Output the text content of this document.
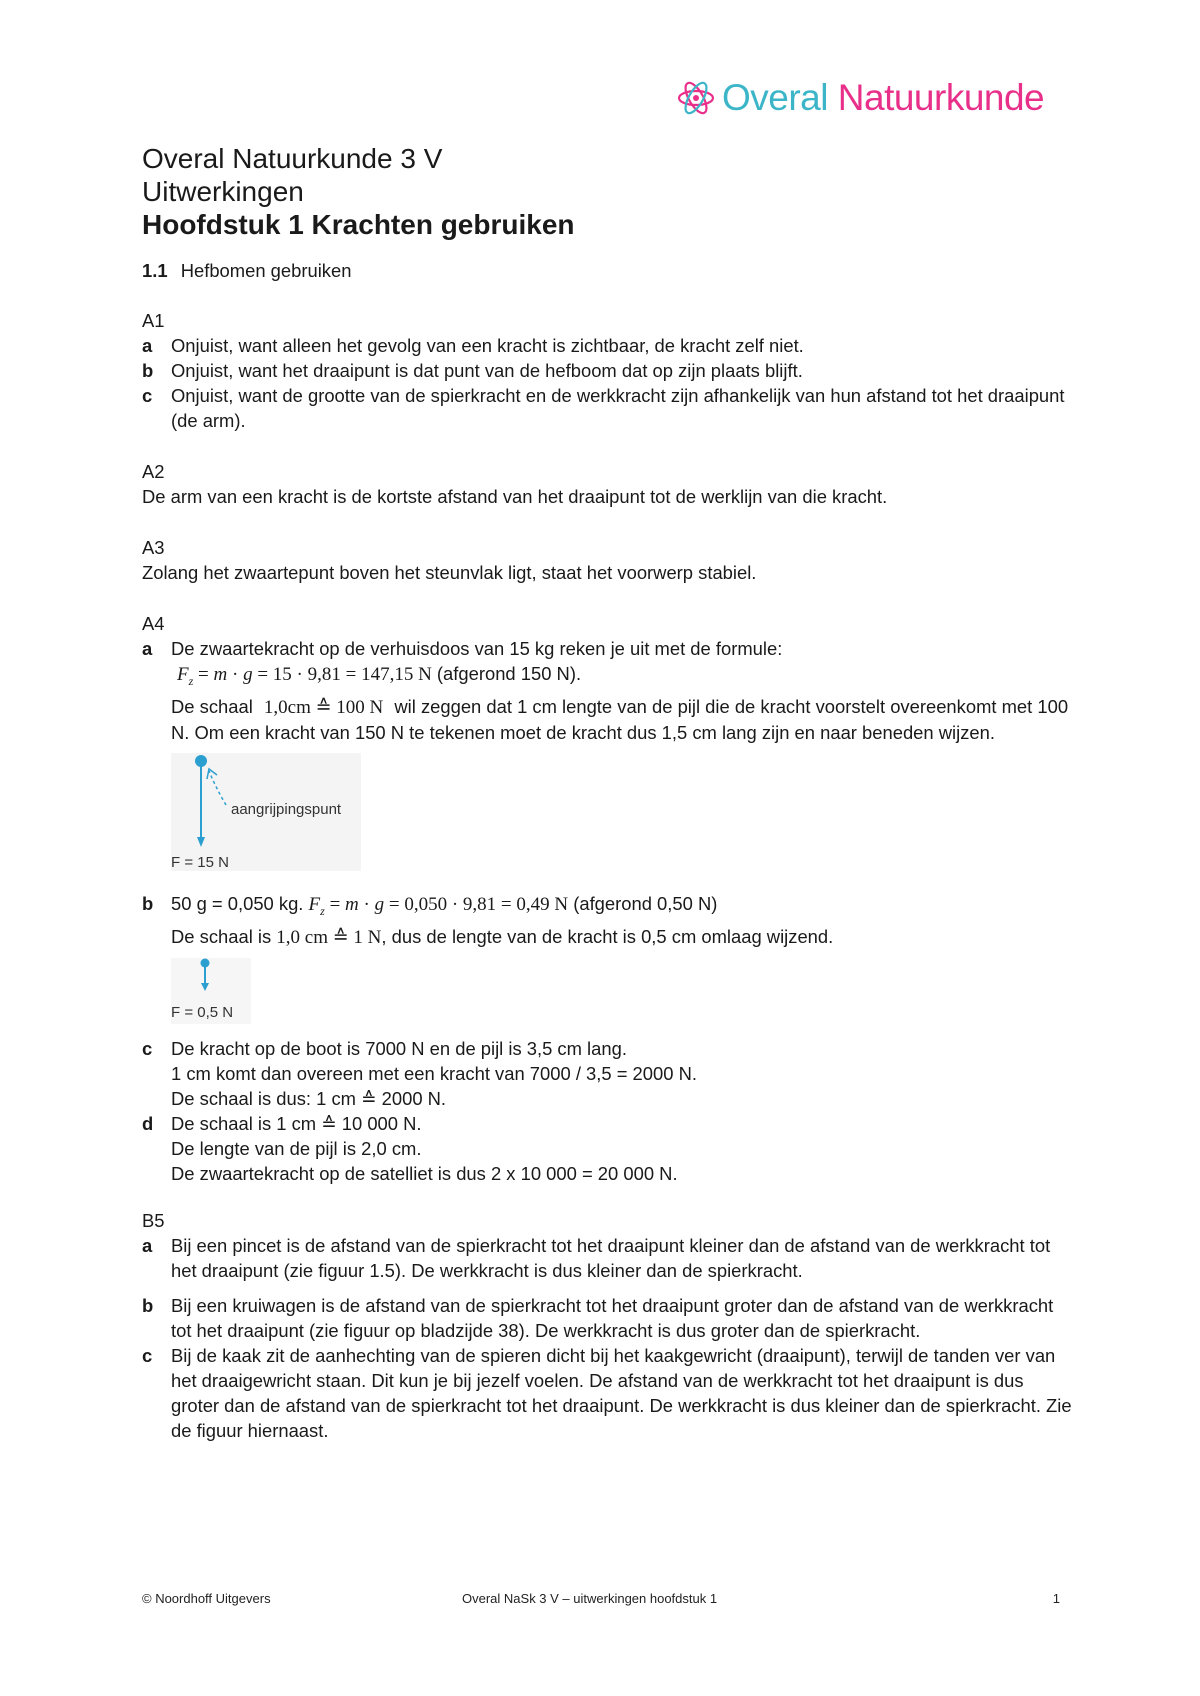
Overal Natuurkunde
Overal Natuurkunde 3 V
Uitwerkingen
Hoofdstuk 1 Krachten gebruiken
1.1 Hefbomen gebruiken
A1
a	Onjuist, want alleen het gevolg van een kracht is zichtbaar, de kracht zelf niet.
b Onjuist, want het draaipunt is dat punt van de hefboom dat op zijn plaats blijft.
c	Onjuist, want de grootte van de spierkracht en de werkkracht zijn afhankelijk van hun afstand tot het draaipunt (de arm).
A2
De arm van een kracht is de kortste afstand van het draaipunt tot de werklijn van die kracht.
A3
Zolang het zwaartepunt boven het steunvlak ligt, staat het voorwerp stabiel.
A4
a	De zwaartekracht op de verhuisdoos van 15 kg reken je uit met de formule:
$F_z = m \cdot g = 15 \cdot 9,81 = 147,15$ N (afgerond 150 N).
De schaal 1,0cm ≙ 100 N wil zeggen dat 1 cm lengte van de pijl die de kracht voorstelt overeenkomt met 100 N. Om een kracht van 150 N te tekenen moet de kracht dus 1,5 cm lang zijn en naar beneden wijzen.
aangrijpingspunt
F = 15 N
b 50 g = 0,050 kg. $F_z = m \cdot g = 0,050 \cdot 9,81 = 0,49$ N (afgerond 0,50 N)
De schaal is 1,0 cm ≙ 1 N, dus de lengte van de kracht is 0,5 cm omlaag wijzend.
F = 0,5 N
c	De kracht op de boot is 7000 N en de pijl is 3,5 cm lang.
1 cm komt dan overeen met een kracht van 7000 / 3,5 = 2000 N.
De schaal is dus: 1 cm ≙ 2000 N.
d De schaal is 1 cm ≙ 10 000 N.
De lengte van de pijl is 2,0 cm.
De zwaartekracht op de satelliet is dus 2 x 10 000 = 20 000 N.
B5
a	Bij een pincet is de afstand van de spierkracht tot het draaipunt kleiner dan de afstand van de werkkracht tot het draaipunt (zie figuur 1.5). De werkkracht is dus kleiner dan de spierkracht.
b Bij een kruiwagen is de afstand van de spierkracht tot het draaipunt groter dan de afstand van de werkkracht tot het draaipunt (zie figuur op bladzijde 38). De werkkracht is dus groter dan de spierkracht.
c	Bij de kaak zit de aanhechting van de spieren dicht bij het kaakgewricht (draaipunt), terwijl de tanden ver van het draaigewricht staan. Dit kun je bij jezelf voelen. De afstand van de werkkracht tot het draaipunt is dus groter dan de afstand van de spierkracht tot het draaipunt. De werkkracht is dus kleiner dan de spierkracht. Zie de figuur hiernaast.
© Noordhoff Uitgevers	Overal NaSk 3 V – uitwerkingen hoofdstuk 1	1
